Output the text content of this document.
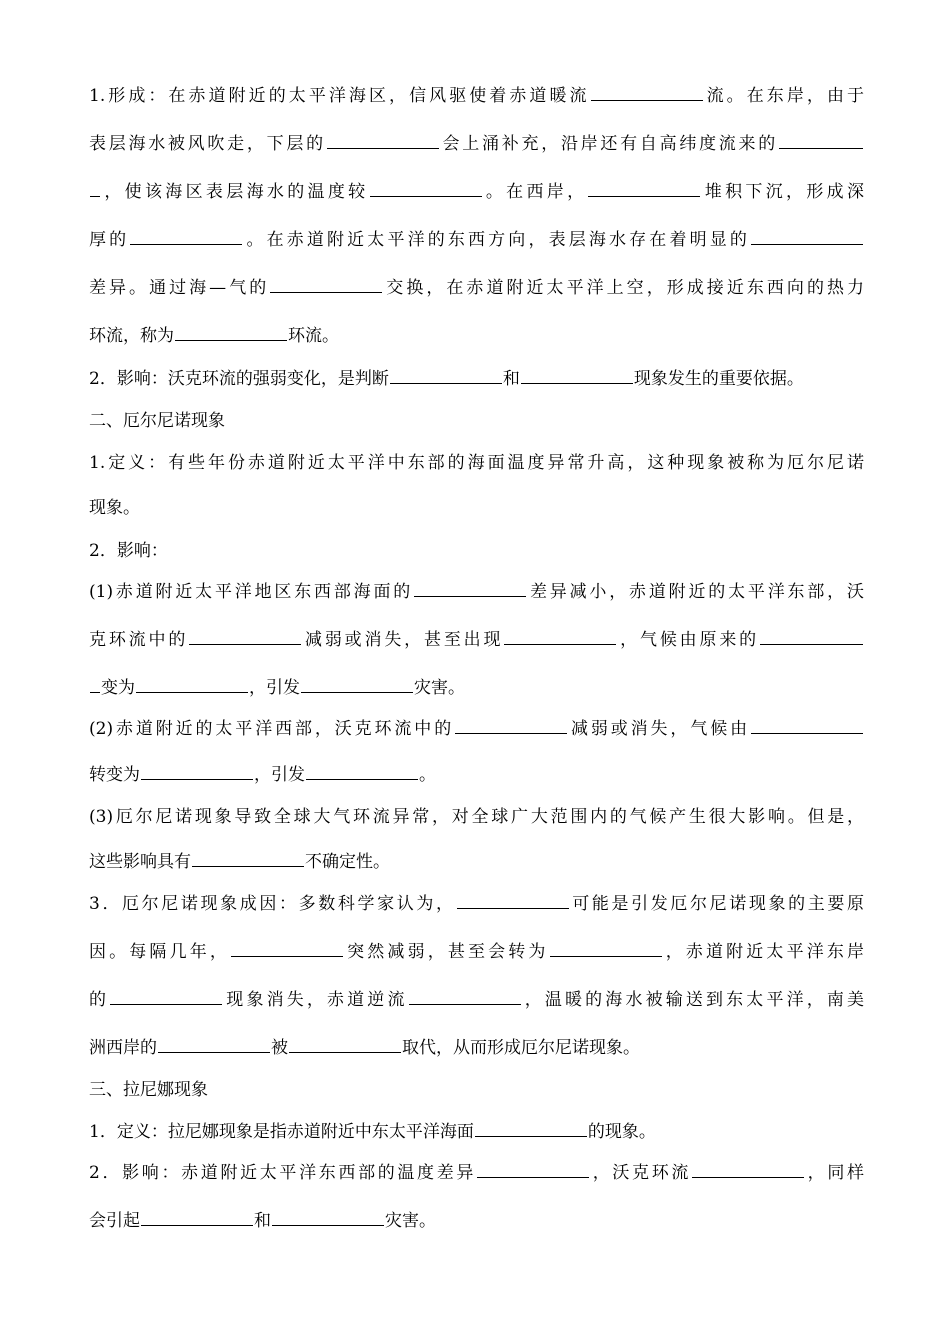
1.形成：在赤道附近的太平洋海区，信风驱使着赤道暖流	流。在东岸，由于
表层海水被风吹走，下层的	会上涌补充，沿岸还有自高纬度流来的
，使该海区表层海水的温度较	。在西岸，	堆积下沉，形成深
厚的	。在赤道附近太平洋的东西方向，表层海水存在着明显的
差异。通过海—气的	交换，在赤道附近太平洋上空，形成接近东西向的热力
环流，称为	环流。
2．影响：沃克环流的强弱变化，是判断	和	现象发生的重要依据。
二、厄尔尼诺现象
1.定义：有些年份赤道附近太平洋中东部的海面温度异常升高，这种现象被称为厄尔尼诺
现象。
2．影响：
(1)赤道附近太平洋地区东西部海面的	差异减小，赤道附近的太平洋东部，沃
克环流中的	减弱或消失，甚至出现	，气候由原来的
变为	，引发	灾害。
(2)赤道附近的太平洋西部，沃克环流中的	减弱或消失，气候由
转变为	，引发	。
(3)厄尔尼诺现象导致全球大气环流异常，对全球广大范围内的气候产生很大影响。但是，
这些影响具有	不确定性。
3．厄尔尼诺现象成因：多数科学家认为，	可能是引发厄尔尼诺现象的主要原
因。每隔几年，	突然减弱，甚至会转为	，赤道附近太平洋东岸
的	现象消失，赤道逆流	，温暖的海水被输送到东太平洋，南美
洲西岸的	被	取代，从而形成厄尔尼诺现象。
三、拉尼娜现象
1．定义：拉尼娜现象是指赤道附近中东太平洋海面	的现象。
2．影响：赤道附近太平洋东西部的温度差异	，沃克环流	，同样
会引起	和	灾害。
